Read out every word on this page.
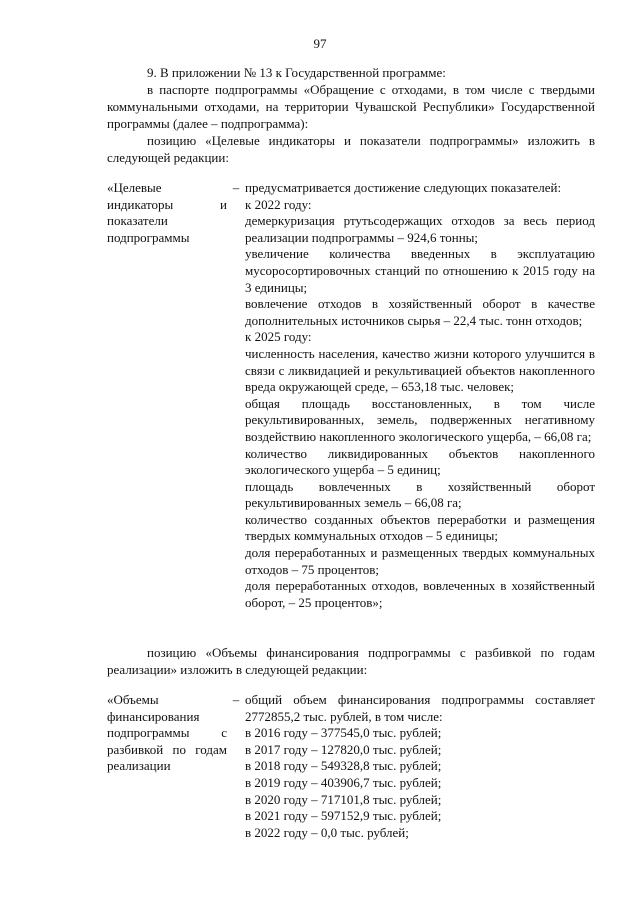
97

9. В приложении № 13 к Государственной программе:

в паспорте подпрограммы «Обращение с отходами, в том числе с твердыми коммунальными отходами, на территории Чувашской Республики» Государственной программы (далее – подпрограмма):

позицию «Целевые индикаторы и показатели подпрограммы» изложить в следующей редакции:

«Целевые индикаторы и показатели подпрограммы
– предусматривается достижение следующих показателей:

к 2022 году:

демеркуризация ртутьсодержащих отходов за весь период реализации подпрограммы – 924,6 тонны;

увеличение количества введенных в эксплуатацию мусоросортировочных станций по отношению к 2015 году на 3 единицы;

вовлечение отходов в хозяйственный оборот в качестве дополнительных источников сырья – 22,4 тыс. тонн отходов;

к 2025 году:

численность населения, качество жизни которого улучшится в связи с ликвидацией и рекультивацией объектов накопленного вреда окружающей среде, – 653,18 тыс. человек;

общая площадь восстановленных, в том числе рекультивированных, земель, подверженных негативному воздействию накопленного экологического ущерба, – 66,08 га;

количество ликвидированных объектов накопленного экологического ущерба – 5 единиц;

площадь вовлеченных в хозяйственный оборот рекультивированных земель – 66,08 га;

количество созданных объектов переработки и размещения твердых коммунальных отходов – 5 единицы;

доля переработанных и размещенных твердых коммунальных отходов – 75 процентов;

доля переработанных отходов, вовлеченных в хозяйственный оборот, – 25 процентов»;

позицию «Объемы финансирования подпрограммы с разбивкой по годам реализации» изложить в следующей редакции:

«Объемы финансирования подпрограммы с разбивкой по годам реализации
– общий объем финансирования подпрограммы составляет 2772855,2 тыс. рублей, в том числе:

в 2016 году – 377545,0 тыс. рублей;

в 2017 году – 127820,0 тыс. рублей;

в 2018 году – 549328,8 тыс. рублей;

в 2019 году – 403906,7 тыс. рублей;

в 2020 году – 717101,8 тыс. рублей;

в 2021 году – 597152,9 тыс. рублей;

в 2022 году – 0,0 тыс. рублей;
